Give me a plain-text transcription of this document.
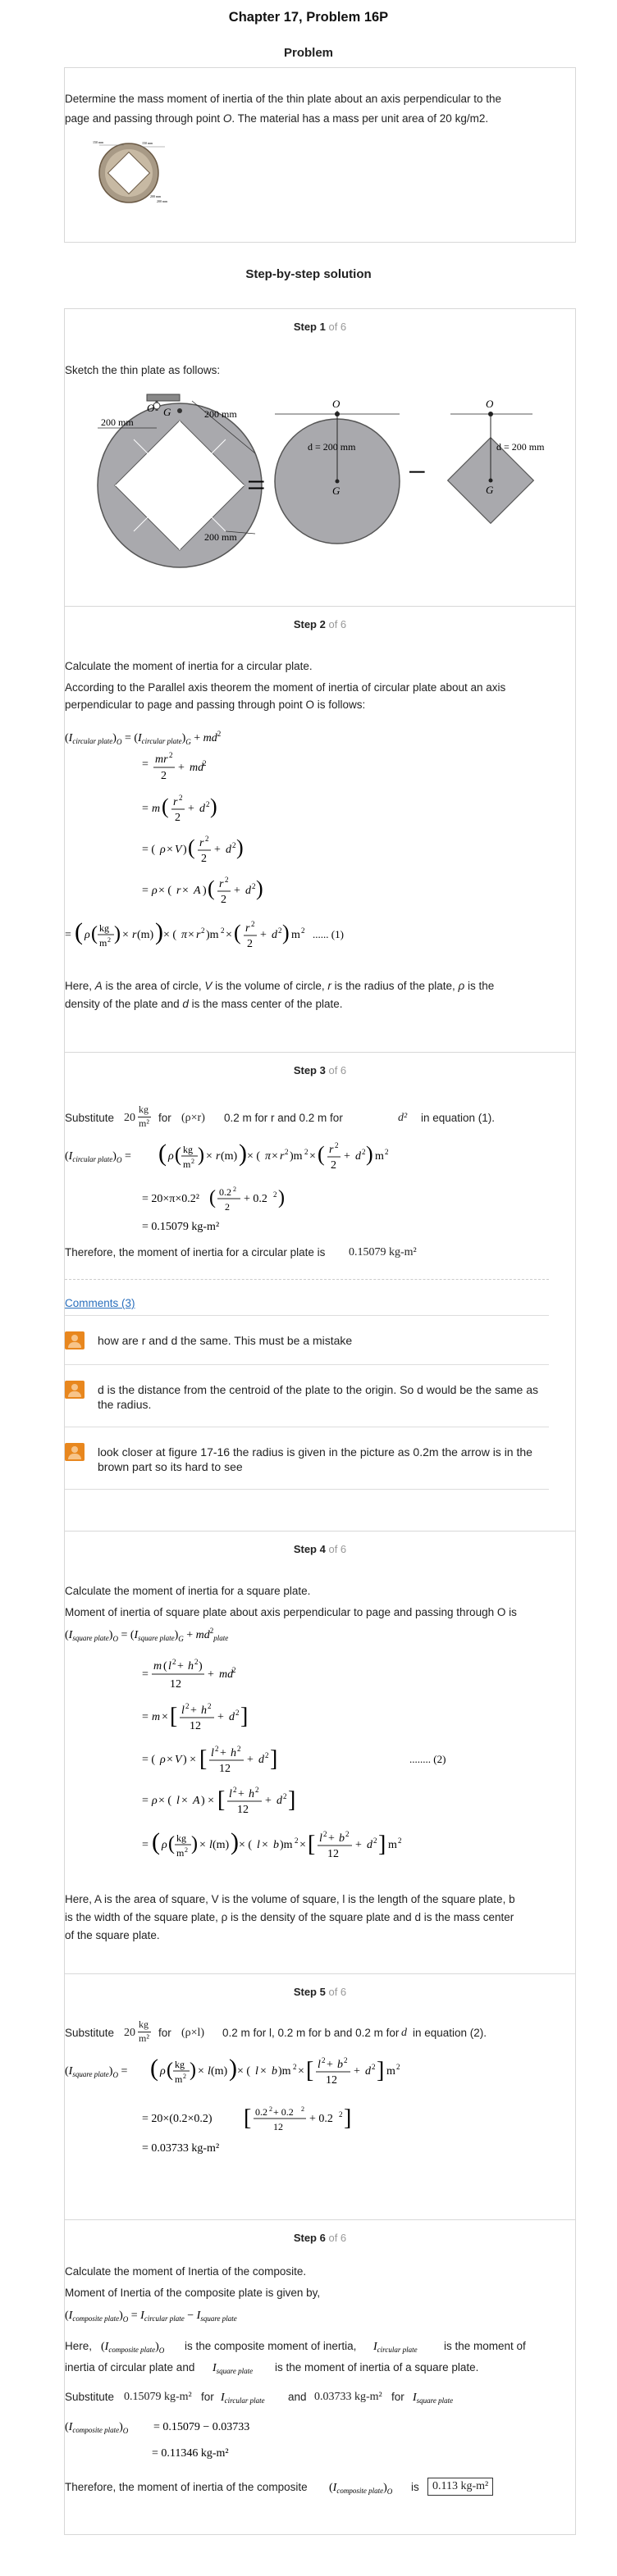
Chapter 17, Problem 16P
Problem
Determine the mass moment of inertia of the thin plate about an axis perpendicular to the
page and passing through point O. The material has a mass per unit area of 20 kg/m2.
150 mm	150 mm
200 mm
200 mm
Step-by-step solution
Step 1 of 6
Sketch the thin plate as follows:
200 mm
200 mm
200 mm
O G
=
O
G
d = 200 mm
−
O
G
d = 200 mm
Step 2 of 6
Calculate the moment of inertia for a circular plate.
According to the Parallel axis theorem the moment of inertia of circular plate about an axis
perpendicular to page and passing through point O is follows:
$(I_{circular plate})_O = (I_{circular plate})_G + md^2$
= mr 2
2
+ md
2
= m ( r 2
2
+ d 2 )
= ( ρ × V ) ( r 2
2
+ d 2 )
= ρ × ( r × A ) ( r 2
2
+ d 2 )
= ( ρ ( kg
m 2 ) × r (m) ) × ( π × r 2 )m 2 × ( r 2
2
+ d 2 ) m 2 ...... (1)
Here, A is the area of circle, V is the volume of circle, r is the radius of the plate, ρ is the
density of the plate and d is the mass center of the plate.
Step 3 of 6
Substitute 20
kg
m² for (ρ×r) 0.2 m for r and 0.2 m for	d² in equation (1).
$(I_{circular plate})_O$ = ( ρ ( kg
m 2 ) × r (m) ) × ( π × r 2 )m 2 × ( r 2
2
+ d 2 ) m 2
= 20×π×0.2² ( 0.2 2
2
+ 0.2 2 )
= 0.15079 kg-m²
Therefore, the moment of inertia for a circular plate is 0.15079 kg-m²
Comments (3)
how are r and d the same. This must be a mistake
d is the distance from the centroid of the plate to the origin. So d would be the same as the radius.
look closer at figure 17-16 the radius is given in the picture as 0.2m the arrow is in the brown part so its hard to see
Step 4 of 6
Calculate the moment of inertia for a square plate.
Moment of inertia of square plate about axis perpendicular to page and passing through O is
$(I_{square plate})_O = (I_{square plate})_G + md^2_{plate}$
=
m ( l 2 + h 2 )
12
+ md
2
= m × [ l 2 + h 2
12
+ d 2 ]
= ( ρ × V ) × [ l 2 + h 2
12
+ d 2 ]
= ρ × ( l × A ) × [ l 2 + h 2
12
+ d 2 ]
= ( ρ ( kg
m 2 ) × l (m) ) × ( l × b )m 2 × [ l 2 + b 2
12
+ d 2 ] m 2
........ (2)
Here, A is the area of square, V is the volume of square, l is the length of the square plate, b
is the width of the square plate, ρ is the density of the square plate and d is the mass center
of the square plate.
Step 5 of 6
Substitute 20
kg
m² for (ρ×l) 0.2 m for l, 0.2 m for b and 0.2 m for d in equation (2).
$(I_{square plate})_O$ = ( ρ ( kg
m 2 ) × l (m) ) × ( l × b )m 2 × [ l 2 + b 2
12
+ d 2 ] m 2
= 20×(0.2×0.2) [ 0.2 2 + 0.2 2
12
+ 0.2 2 ]
= 0.03733 kg-m²
Step 6 of 6
Calculate the moment of Inertia of the composite.
Moment of Inertia of the composite plate is given by,
$(I_{composite plate})_O = I_{circular plate} - I_{square plate}$
Here, $(I_{composite plate})_O$ is the composite moment of inertia, $I_{circular plate}$ is the moment of
inertia of circular plate and $I_{square plate}$ is the moment of inertia of a square plate.
Substitute 0.15079 kg-m² for $I_{circular plate}$ and 0.03733 kg-m² for $I_{square plate}$
$(I_{composite plate})_O = 0.15079 - 0.03733$
= 0.11346 kg-m²
Therefore, the moment of inertia of the composite $(I_{composite plate})_O$ is	0.113 kg-m²
